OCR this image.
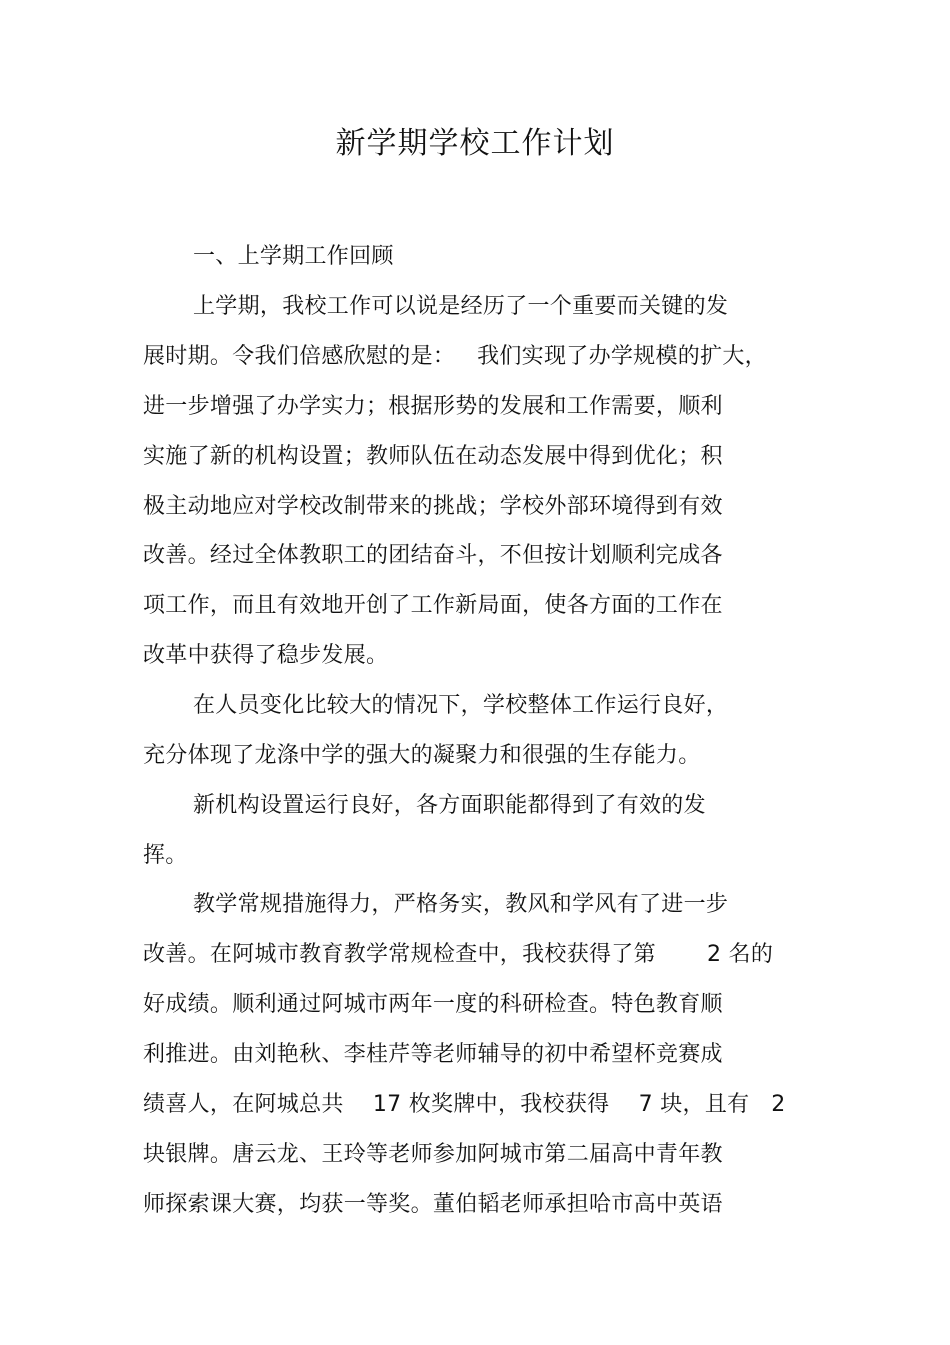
新学期学校工作计划
一、上学期工作回顾
上学期，我校工作可以说是经历了一个重要而关键的发
展时期。令我们倍感欣慰的是：   我们实现了办学规模的扩大，
进一步增强了办学实力；根据形势的发展和工作需要，顺利
实施了新的机构设置；教师队伍在动态发展中得到优化；积
极主动地应对学校改制带来的挑战；学校外部环境得到有效
改善。经过全体教职工的团结奋斗，不但按计划顺利完成各
项工作，而且有效地开创了工作新局面，使各方面的工作在
改革中获得了稳步发展。
在人员变化比较大的情况下，学校整体工作运行良好，
充分体现了龙涤中学的强大的凝聚力和很强的生存能力。
新机构设置运行良好，各方面职能都得到了有效的发
挥。
教学常规措施得力，严格务实，教风和学风有了进一步
改善。在阿城市教育教学常规检查中，我校获得了第       2 名的
好成绩。顺利通过阿城市两年一度的科研检查。特色教育顺
利推进。由刘艳秋、李桂芹等老师辅导的初中希望杯竞赛成
绩喜人，在阿城总共    17 枚奖牌中，我校获得    7 块，且有   2
块银牌。唐云龙、王玲等老师参加阿城市第二届高中青年教
师探索课大赛，均获一等奖。董伯韬老师承担哈市高中英语
